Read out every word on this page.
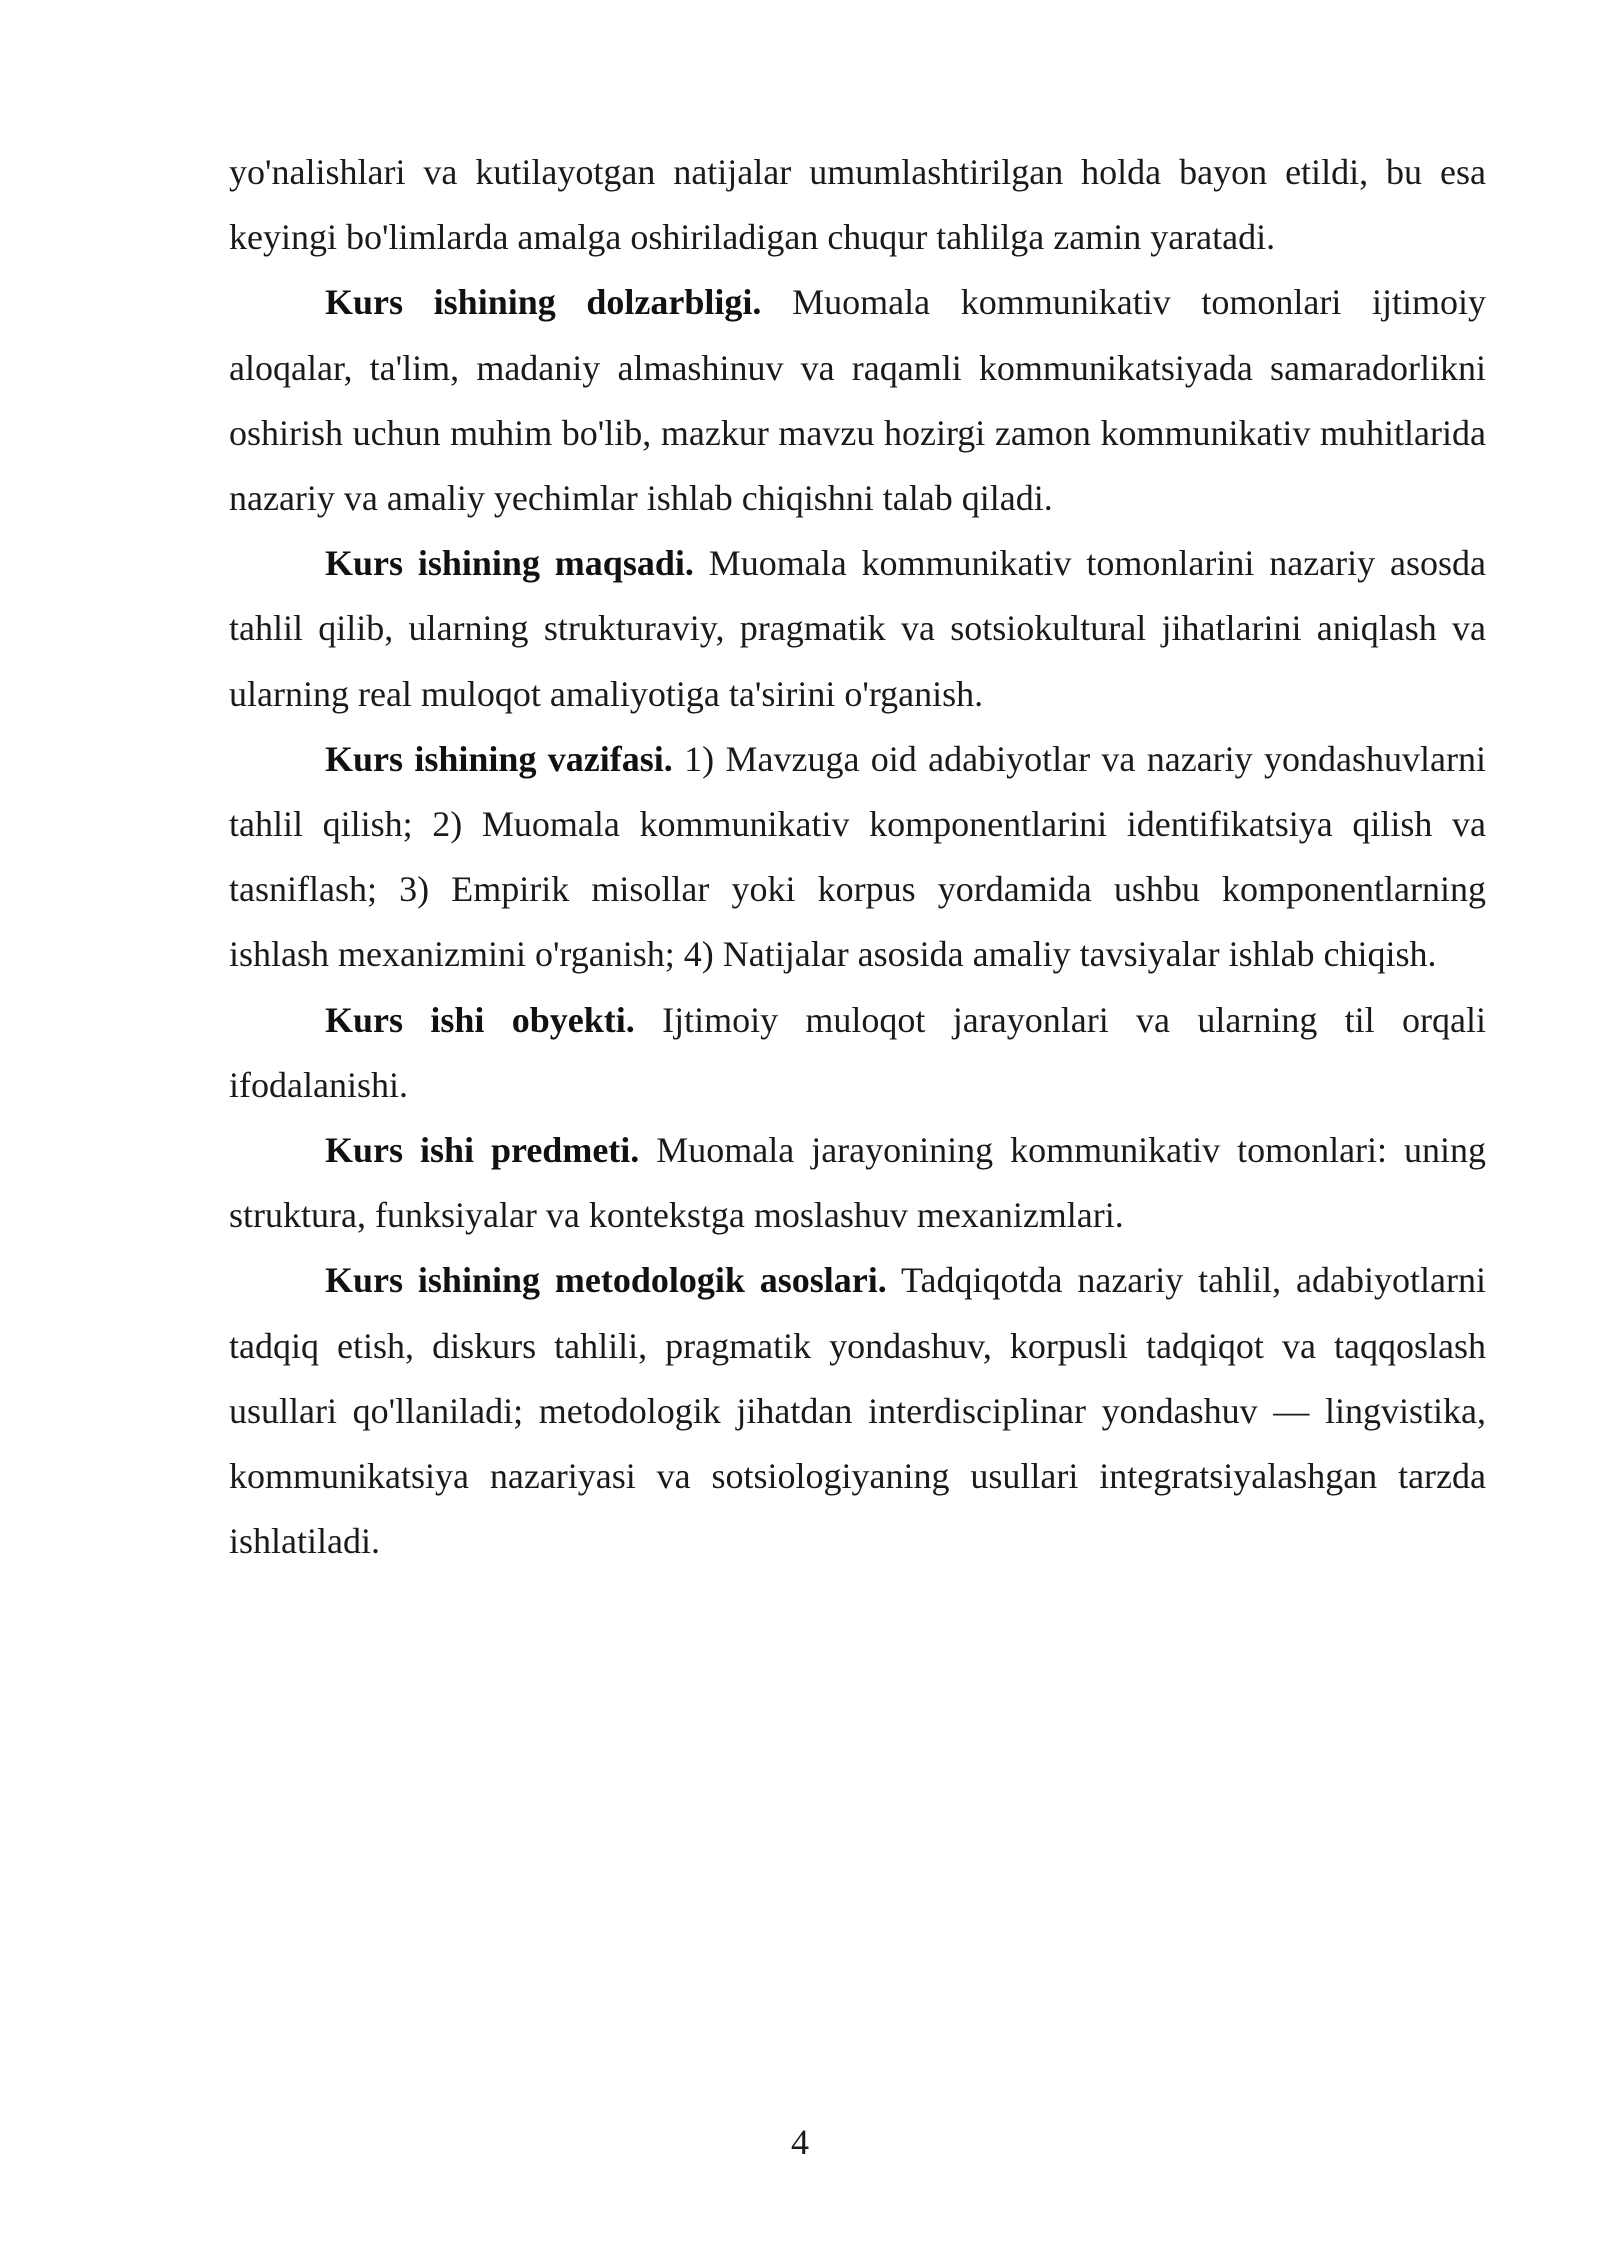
yo'nalishlari va kutilayotgan natijalar umumlashtirilgan holda bayon etildi, bu esa keyingi bo'limlarda amalga oshiriladigan chuqur tahlilga zamin yaratadi.

Kurs ishining dolzarbligi. Muomala kommunikativ tomonlari ijtimoiy aloqalar, ta'lim, madaniy almashinuv va raqamli kommunikatsiyada samaradorlikni oshirish uchun muhim bo'lib, mazkur mavzu hozirgi zamon kommunikativ muhitlarida nazariy va amaliy yechimlar ishlab chiqishni talab qiladi.

Kurs ishining maqsadi. Muomala kommunikativ tomonlarini nazariy asosda tahlil qilib, ularning strukturaviy, pragmatik va sotsiokultural jihatlarini aniqlash va ularning real muloqot amaliyotiga ta'sirini o'rganish.

Kurs ishining vazifasi. 1) Mavzuga oid adabiyotlar va nazariy yondashuvlarni tahlil qilish; 2) Muomala kommunikativ komponentlarini identifikatsiya qilish va tasniflash; 3) Empirik misollar yoki korpus yordamida ushbu komponentlarning ishlash mexanizmini o'rganish; 4) Natijalar asosida amaliy tavsiyalar ishlab chiqish.

Kurs ishi obyekti. Ijtimoiy muloqot jarayonlari va ularning til orqali ifodalanishi.

Kurs ishi predmeti. Muomala jarayonining kommunikativ tomonlari: uning struktura, funksiyalar va kontekstga moslashuv mexanizmlari.

Kurs ishining metodologik asoslari. Tadqiqotda nazariy tahlil, adabiyotlarni tadqiq etish, diskurs tahlili, pragmatik yondashuv, korpusli tadqiqot va taqqoslash usullari qo'llaniladi; metodologik jihatdan interdisciplinar yondashuv — lingvistika, kommunikatsiya nazariyasi va sotsiologiyaning usullari integratsiyalashgan tarzda ishlatiladi.

4
